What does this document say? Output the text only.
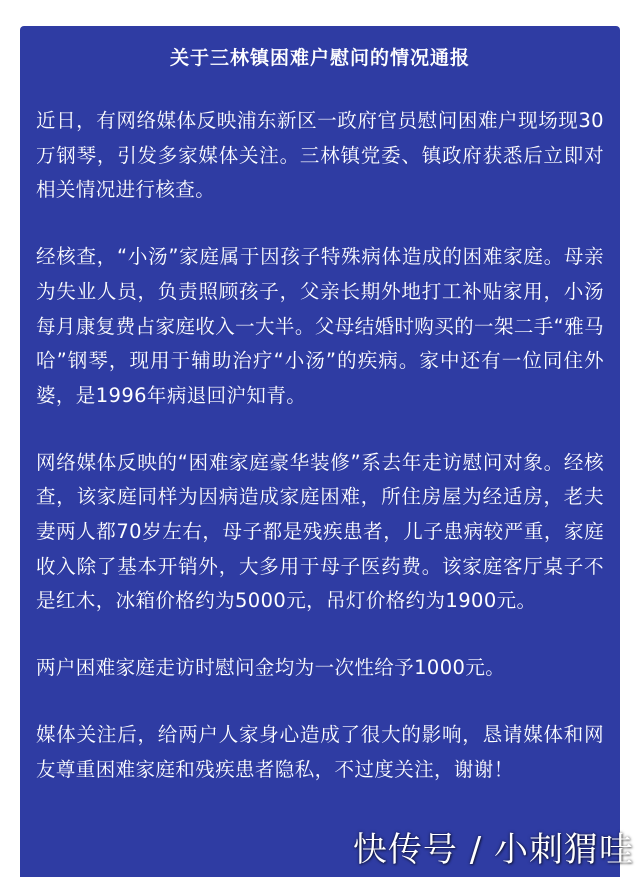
关于三林镇困难户慰问的情况通报

近日，有网络媒体反映浦东新区一政府官员慰问困难户现场现30万钢琴，引发多家媒体关注。三林镇党委、镇政府获悉后立即对相关情况进行核查。

经核查，“小汤”家庭属于因孩子特殊病体造成的困难家庭。母亲为失业人员，负责照顾孩子，父亲长期外地打工补贴家用，小汤每月康复费占家庭收入一大半。父母结婚时购买的一架二手“雅马哈”钢琴，现用于辅助治疗“小汤”的疾病。家中还有一位同住外婆，是1996年病退回沪知青。

网络媒体反映的“困难家庭豪华装修”系去年走访慰问对象。经核查，该家庭同样为因病造成家庭困难，所住房屋为经适房，老夫妻两人都70岁左右，母子都是残疾患者，儿子患病较严重，家庭收入除了基本开销外，大多用于母子医药费。该家庭客厅桌子不是红木，冰箱价格约为5000元，吊灯价格约为1900元。

两户困难家庭走访时慰问金均为一次性给予1000元。

媒体关注后，给两户人家身心造成了很大的影响，恳请媒体和网友尊重困难家庭和残疾患者隐私，不过度关注，谢谢！

快传号 / 小刺猬哇
